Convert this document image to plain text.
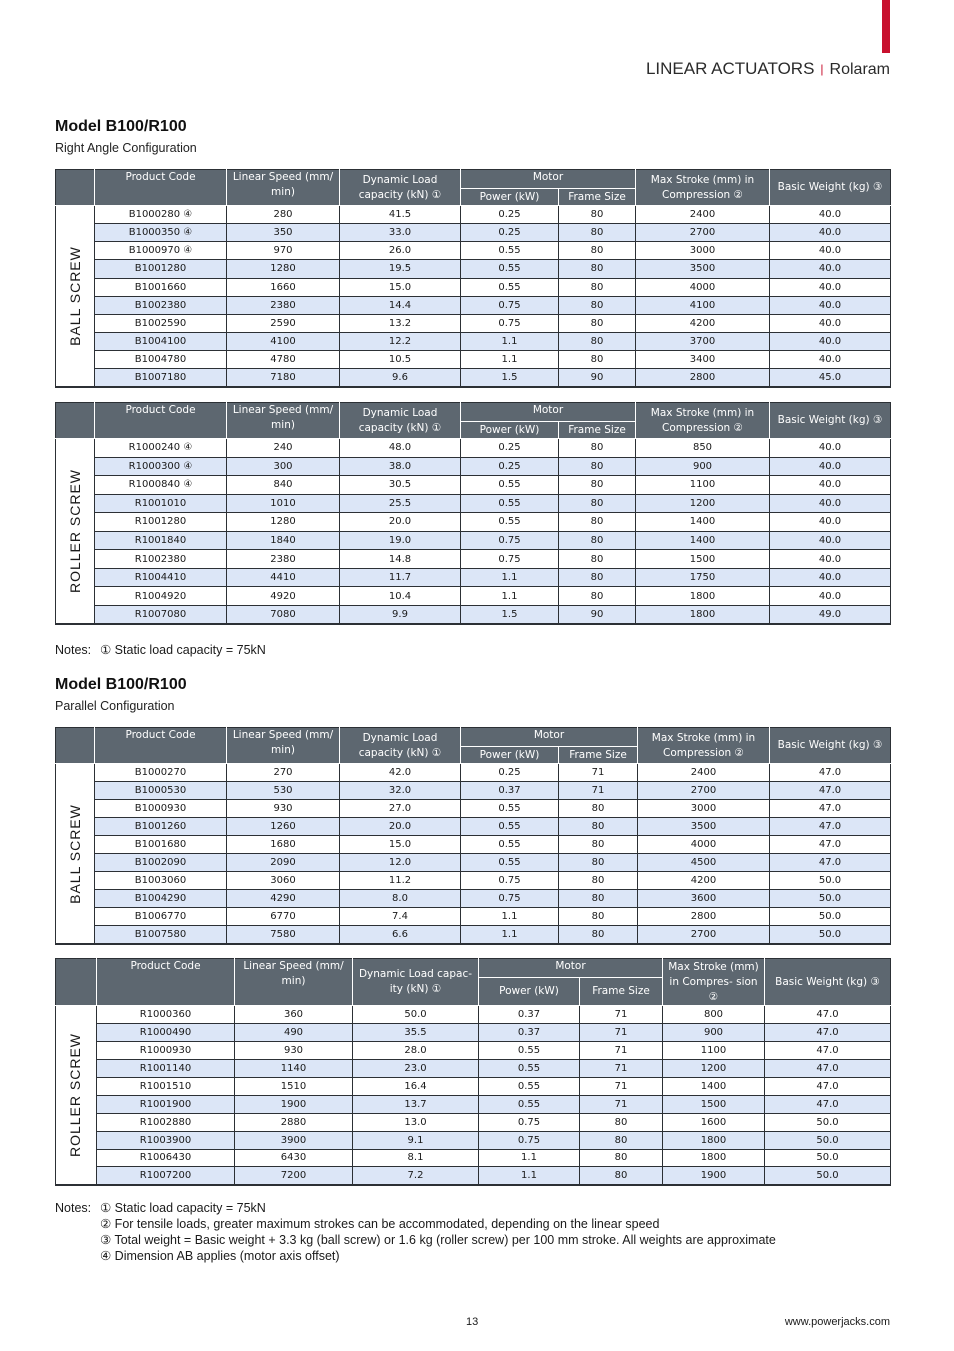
LINEAR ACTUATORS | Rolaram
Model B100/R100
Right Angle Configuration
	Product Code	Linear Speed (mm/ min)	Dynamic Load capacity (kN) ①	Motor		Max Stroke (mm) in Compression ②	Basic Weight (kg) ③
				Power (kW)	Frame Size		

BALL SCREW	B1000280 ④	280	41.5	0.25	80	2400	40.0
	B1000350 ④	350	33.0	0.25	80	2700	40.0
	B1000970 ④	970	26.0	0.55	80	3000	40.0
	B1001280	1280	19.5	0.55	80	3500	40.0
	B1001660	1660	15.0	0.55	80	4000	40.0
	B1002380	2380	14.4	0.75	80	4100	40.0
	B1002590	2590	13.2	0.75	80	4200	40.0
	B1004100	4100	12.2	1.1	80	3700	40.0
	B1004780	4780	10.5	1.1	80	3400	40.0
	B1007180	7180	9.6	1.5	90	2800	45.0
	Product Code	Linear Speed (mm/ min)	Dynamic Load capacity (kN) ①	Motor		Max Stroke (mm) in Compression ②	Basic Weight (kg) ③
				Power (kW)	Frame Size		

ROLLER SCREW	R1000240 ④	240	48.0	0.25	80	850	40.0
	R1000300 ④	300	38.0	0.25	80	900	40.0
	R1000840 ④	840	30.5	0.55	80	1100	40.0
	R1001010	1010	25.5	0.55	80	1200	40.0
	R1001280	1280	20.0	0.55	80	1400	40.0
	R1001840	1840	19.0	0.75	80	1400	40.0
	R1002380	2380	14.8	0.75	80	1500	40.0
	R1004410	4410	11.7	1.1	80	1750	40.0
	R1004920	4920	10.4	1.1	80	1800	40.0
	R1007080	7080	9.9	1.5	90	1800	49.0
Notes: ① Static load capacity = 75kN
Model B100/R100
Parallel Configuration
	Product Code	Linear Speed (mm/ min)	Dynamic Load capacity (kN) ①	Motor		Max Stroke (mm) in Compression ②	Basic Weight (kg) ③
				Power (kW)	Frame Size		

BALL SCREW	B1000270	270	42.0	0.25	71	2400	47.0
	B1000530	530	32.0	0.37	71	2700	47.0
	B1000930	930	27.0	0.55	80	3000	47.0
	B1001260	1260	20.0	0.55	80	3500	47.0
	B1001680	1680	15.0	0.55	80	4000	47.0
	B1002090	2090	12.0	0.55	80	4500	47.0
	B1003060	3060	11.2	0.75	80	4200	50.0
	B1004290	4290	8.0	0.75	80	3600	50.0
	B1006770	6770	7.4	1.1	80	2800	50.0
	B1007580	7580	6.6	1.1	80	2700	50.0
	Product Code	Linear Speed (mm/ min)	Dynamic Load capac- ity (kN) ①	Motor		Max Stroke (mm) in Compres- sion ②	Basic Weight (kg) ③
				Power (kW)	Frame Size		

ROLLER SCREW	R1000360	360	50.0	0.37	71	800	47.0
	R1000490	490	35.5	0.37	71	900	47.0
	R1000930	930	28.0	0.55	71	1100	47.0
	R1001140	1140	23.0	0.55	71	1200	47.0
	R1001510	1510	16.4	0.55	71	1400	47.0
	R1001900	1900	13.7	0.55	71	1500	47.0
	R1002880	2880	13.0	0.75	80	1600	50.0
	R1003900	3900	9.1	0.75	80	1800	50.0
	R1006430	6430	8.1	1.1	80	1800	50.0
	R1007200	7200	7.2	1.1	80	1900	50.0
Notes: ① Static load capacity = 75kN
② For tensile loads, greater maximum strokes can be accommodated, depending on the linear speed
③ Total weight = Basic weight + 3.3 kg (ball screw) or 1.6 kg (roller screw) per 100 mm stroke. All weights are approximate
④ Dimension AB applies (motor axis offset)
13	www.powerjacks.com
